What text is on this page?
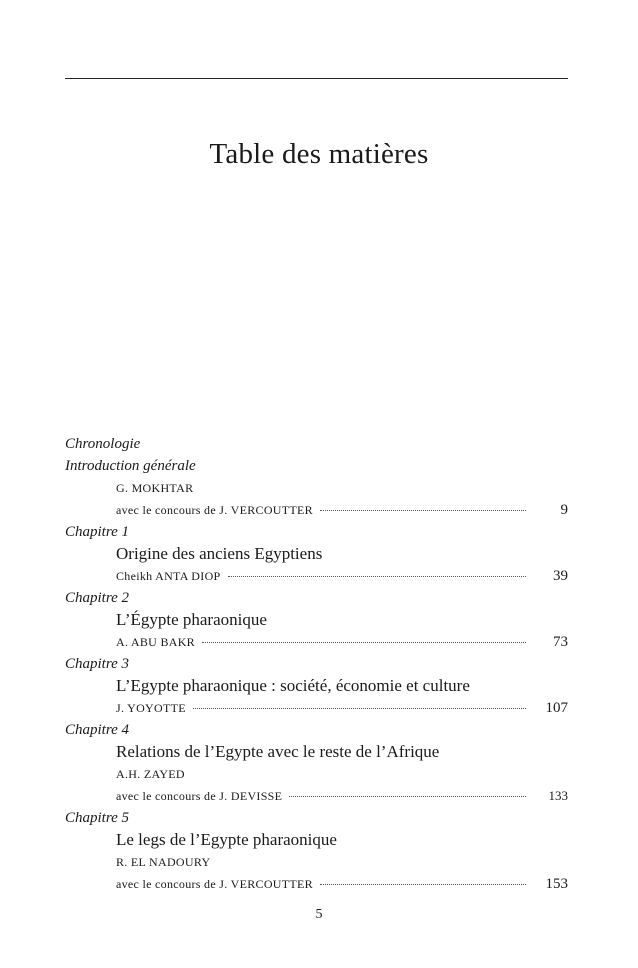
Table des matières
Chronologie
Introduction générale
G. MOKHTAR
avec le concours de J. VERCOUTTER	9
Chapitre 1
Origine des anciens Egyptiens
Cheikh ANTA DIOP	39
Chapitre 2
L’Égypte pharaonique
A. ABU BAKR	73
Chapitre 3
L’Egypte pharaonique : société, économie et culture
J. YOYOTTE	107
Chapitre 4
Relations de l’Egypte avec le reste de l’Afrique
A.H. ZAYED
avec le concours de J. DEVISSE	133
Chapitre 5
Le legs de l’Egypte pharaonique
R. EL NADOURY
avec le concours de J. VERCOUTTER	153
5
